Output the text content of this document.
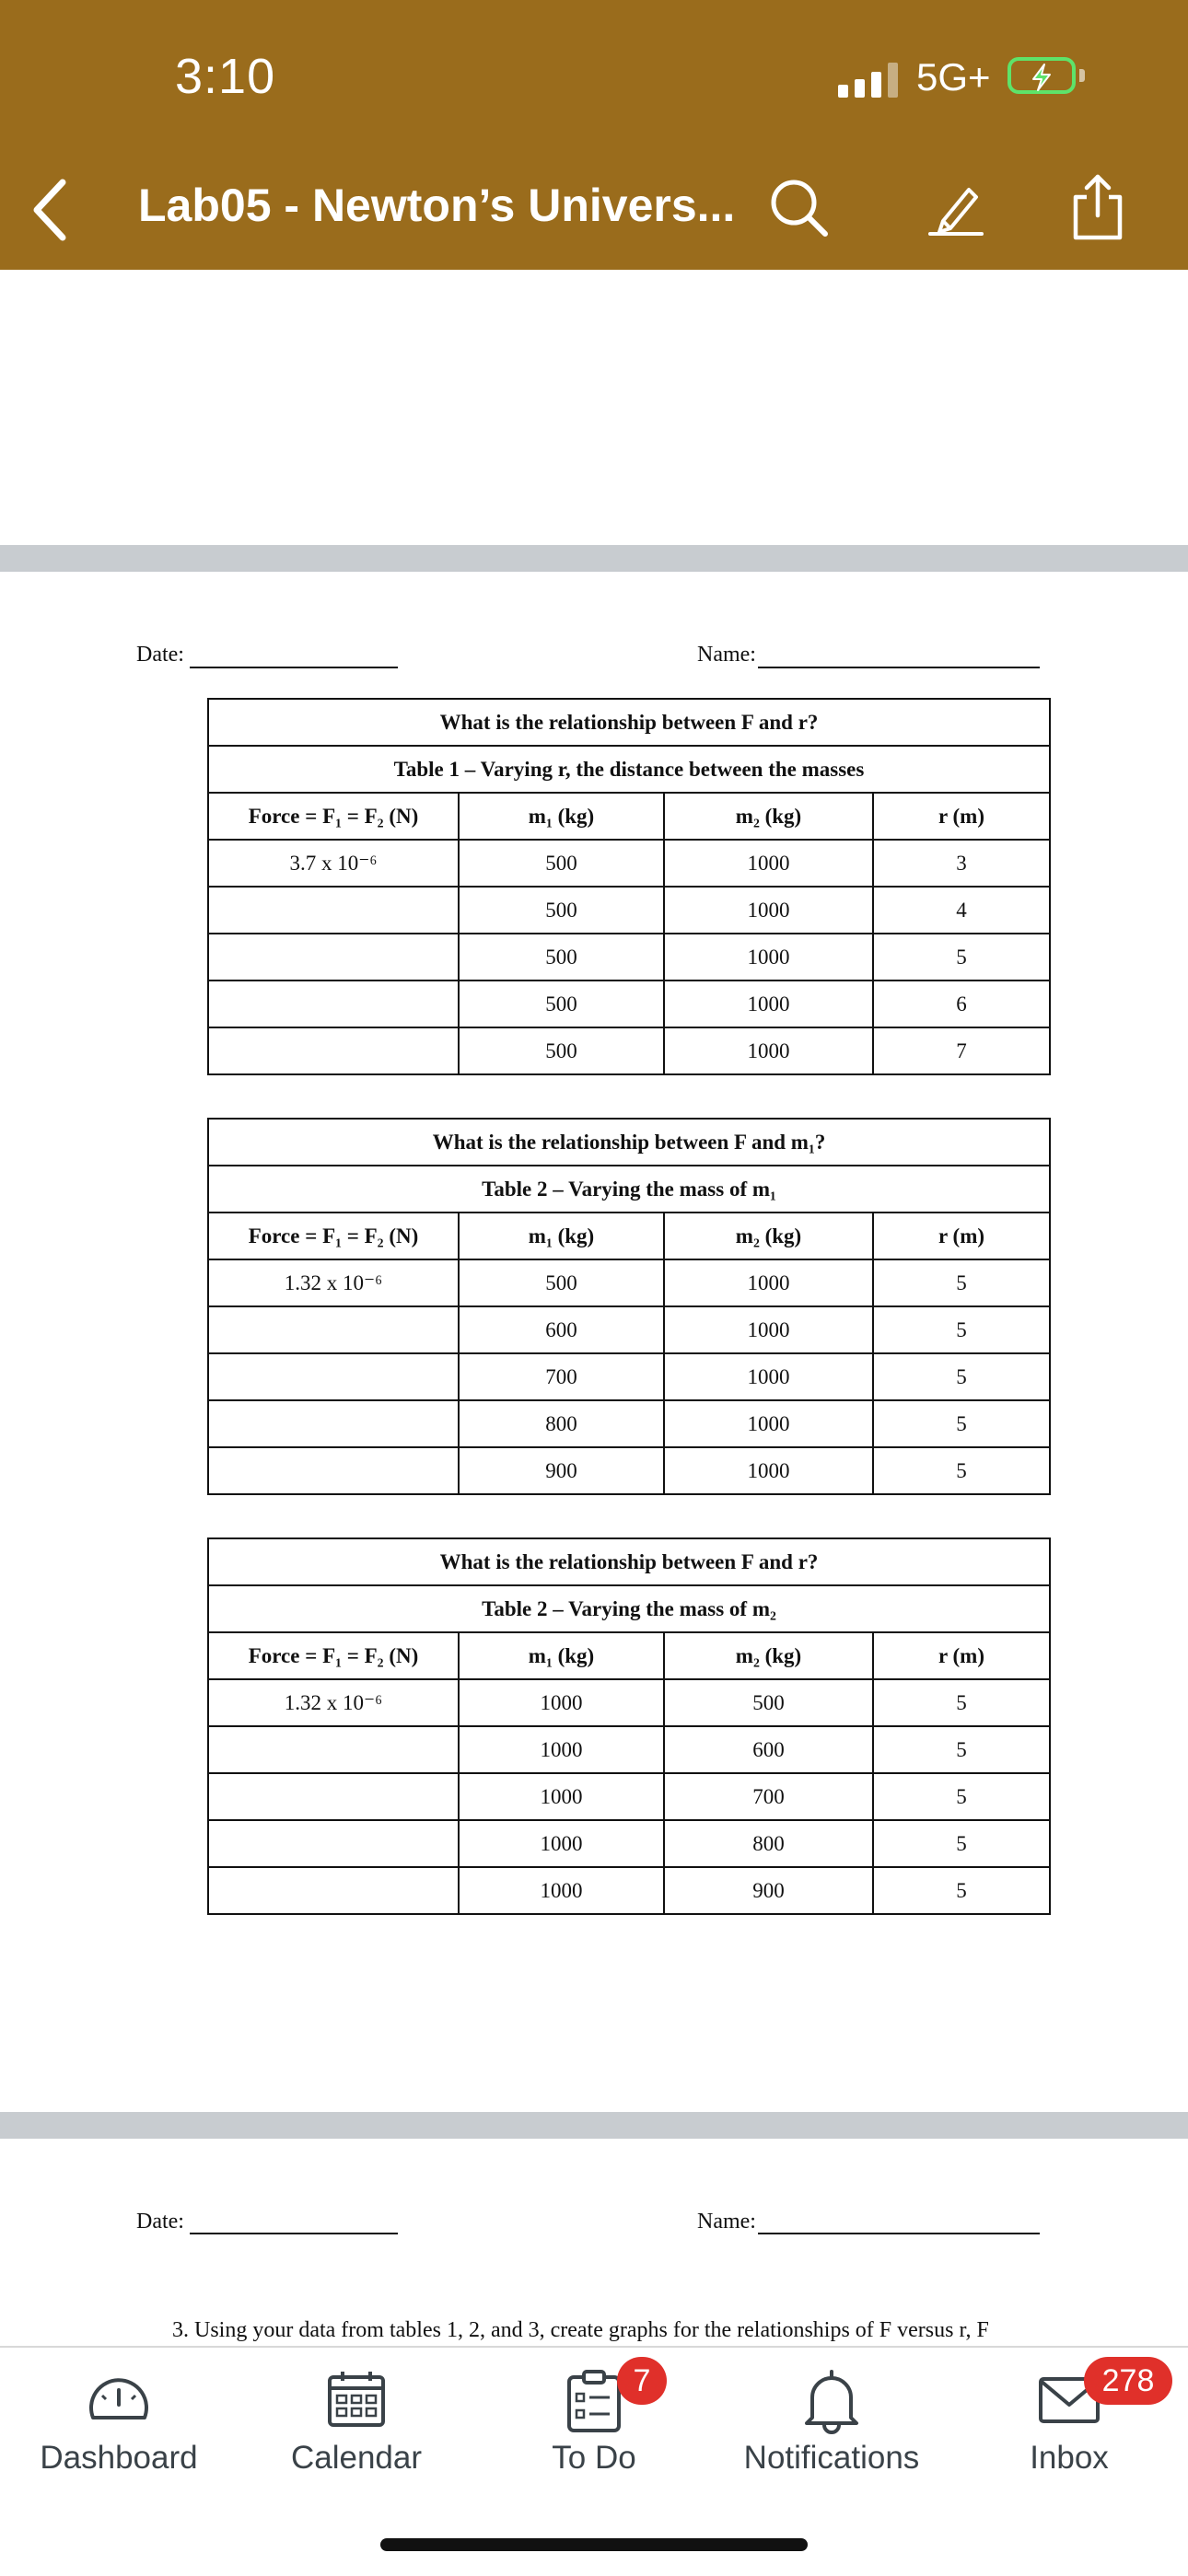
3:10	5G+
Lab05 - Newton’s Univers...
Date:	Name:
What is the relationship between F and r?			
Table 1 – Varying r, the distance between the masses			
Force = F₁ = F₂ (N)	m₁ (kg)	m₂ (kg)	r (m)
3.7 x 10⁻⁶	500	1000	3
	500	1000	4
	500	1000	5
	500	1000	6
	500	1000	7
What is the relationship between F and m₁?			
Table 2 – Varying the mass of m₁			
Force = F₁ = F₂ (N)	m₁ (kg)	m₂ (kg)	r (m)
1.32 x 10⁻⁶	500	1000	5
	600	1000	5
	700	1000	5
	800	1000	5
	900	1000	5
What is the relationship between F and r?			
Table 2 – Varying the mass of m₂			
Force = F₁ = F₂ (N)	m₁ (kg)	m₂ (kg)	r (m)
1.32 x 10⁻⁶	1000	500	5
	1000	600	5
	1000	700	5
	1000	800	5
	1000	900	5
Date:	Name:
3. Using your data from tables 1, 2, and 3, create graphs for the relationships of F versus r, F
Dashboard	Calendar
7
To Do	Notifications
278
Inbox
